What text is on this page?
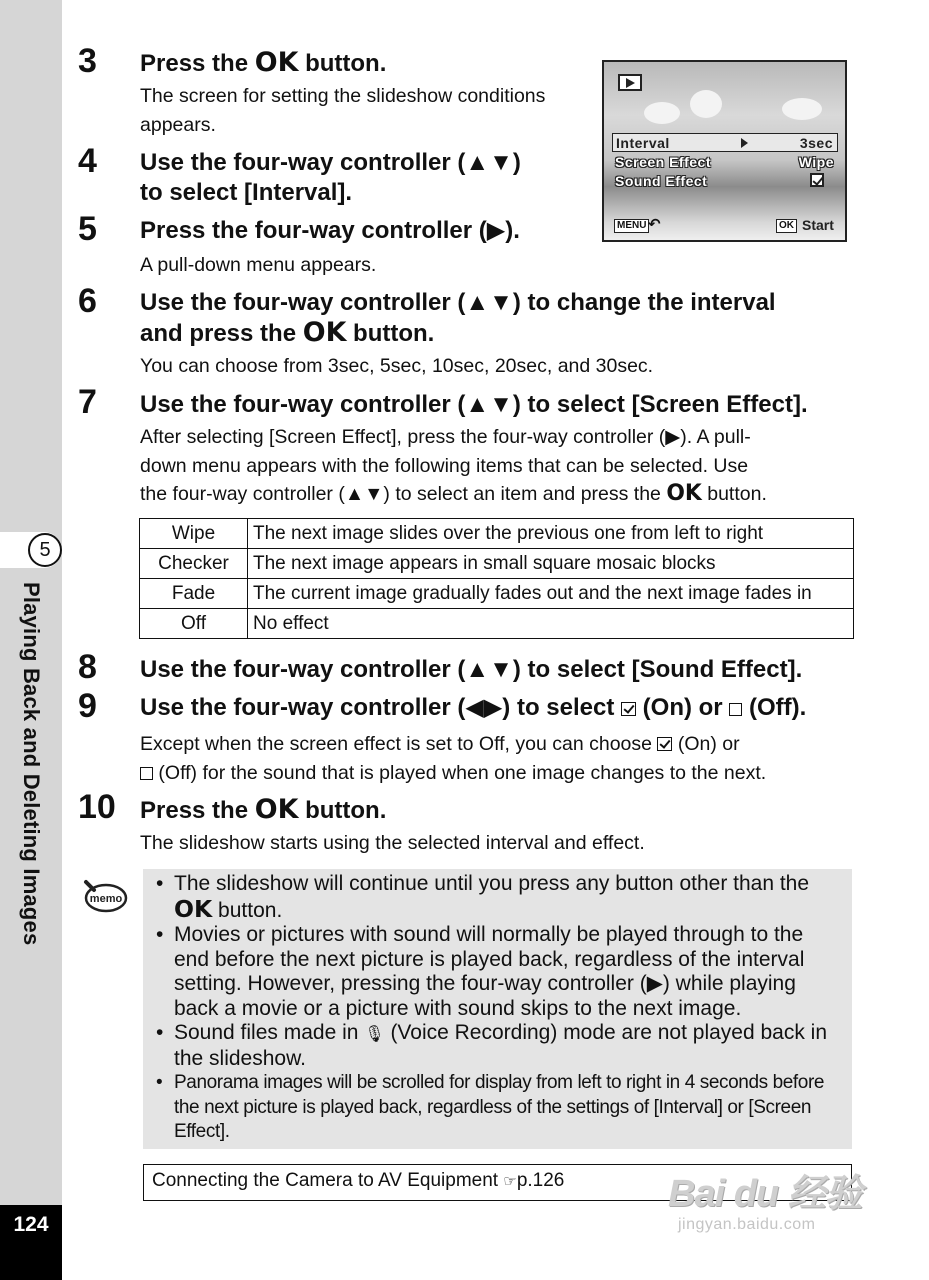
5
Playing Back and Deleting Images
124
3 Press the OK button.
The screen for setting the slideshow conditions appears.
4 Use the four-way controller (▲▼)
to select [Interval].
5 Press the four-way controller (▶).
A pull-down menu appears.
Interval	3sec
Screen Effect	Wipe
Sound Effect
MENU ↶	OK Start
6 Use the four-way controller (▲▼) to change the interval
and press the OK button.
You can choose from 3sec, 5sec, 10sec, 20sec, and 30sec.
7 Use the four-way controller (▲▼) to select [Screen Effect].
After selecting [Screen Effect], press the four-way controller (▶). A pull-
down menu appears with the following items that can be selected. Use
the four-way controller (▲▼) to select an item and press the OK button.
Wipe	The next image slides over the previous one from left to right
Checker	The next image appears in small square mosaic blocks
Fade	The current image gradually fades out and the next image fades in
Off	No effect
8 Use the four-way controller (▲▼) to select [Sound Effect].
9 Use the four-way controller (◀▶) to select  (On) or  (Off).
Except when the screen effect is set to Off, you can choose  (On) or
(Off) for the sound that is played when one image changes to the next.
10 Press the OK button.
The slideshow starts using the selected interval and effect.
memo
• The slideshow will continue until you press any button other than the OK button.
• Movies or pictures with sound will normally be played through to the end before the next picture is played back, regardless of the interval setting. However, pressing the four-way controller (▶) while playing back a movie or a picture with sound skips to the next image.
• Sound files made in 🎙 (Voice Recording) mode are not played back in the slideshow.
• Panorama images will be scrolled for display from left to right in 4 seconds before the next picture is played back, regardless of the settings of [Interval] or [Screen Effect].
Connecting the Camera to AV Equipment ☞p.126	Bai du 经验
jingyan.baidu.com
